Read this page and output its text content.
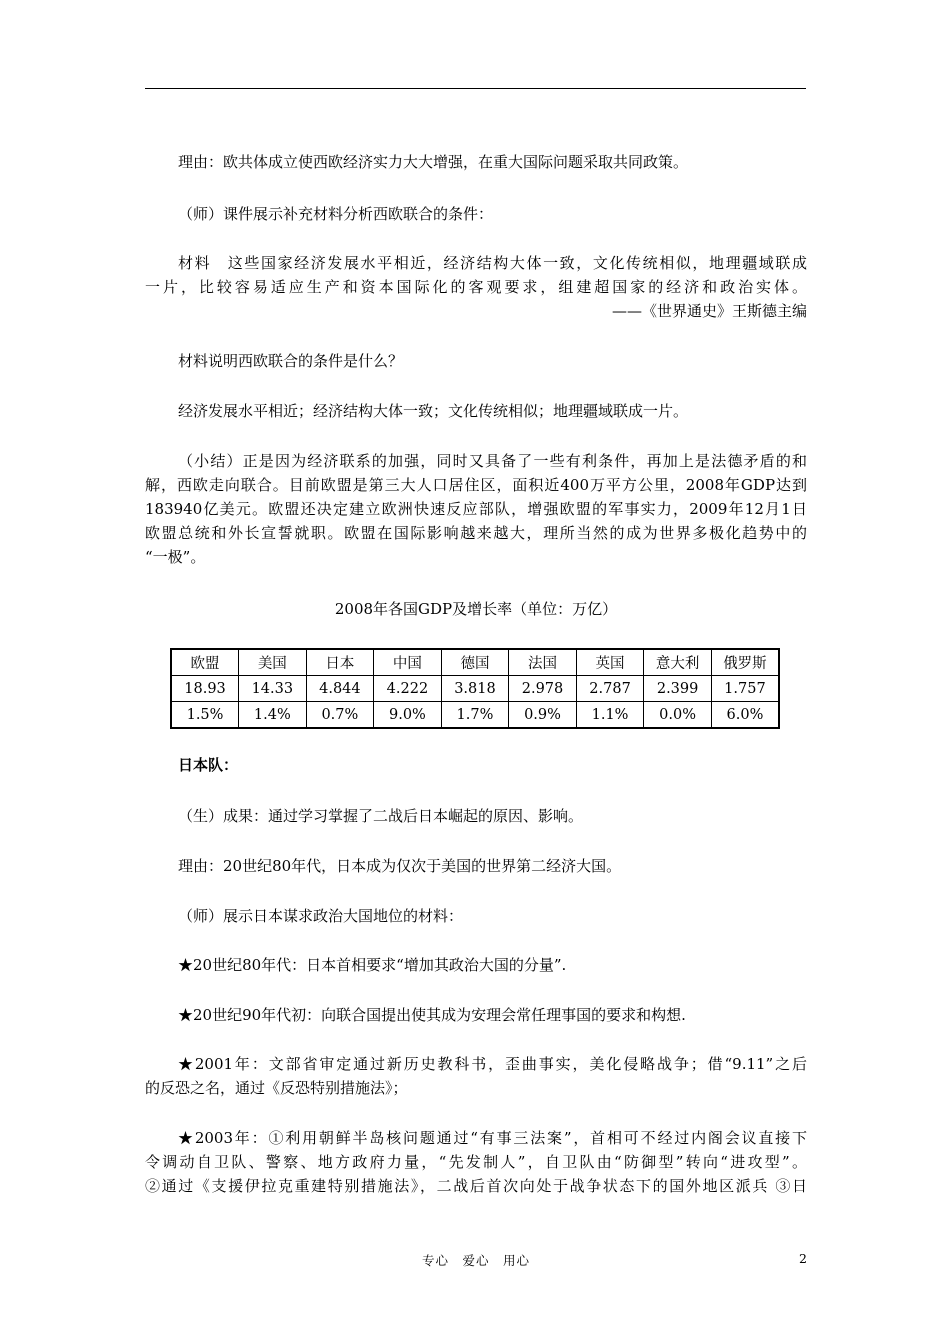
理由：欧共体成立使西欧经济实力大大增强，在重大国际问题采取共同政策。
（师）课件展示补充材料分析西欧联合的条件：
材料　这些国家经济发展水平相近，经济结构大体一致，文化传统相似，地理疆域联成
一片，比较容易适应生产和资本国际化的客观要求，组建超国家的经济和政治实体。
——《世界通史》王斯德主编
材料说明西欧联合的条件是什么？
经济发展水平相近；经济结构大体一致；文化传统相似；地理疆域联成一片。
（小结）正是因为经济联系的加强，同时又具备了一些有利条件，再加上是法德矛盾的和
解，西欧走向联合。目前欧盟是第三大人口居住区，面积近400万平方公里，2008年GDP达到
183940亿美元。欧盟还决定建立欧洲快速反应部队，增强欧盟的军事实力，2009年12月1日
欧盟总统和外长宣誓就职。欧盟在国际影响越来越大，理所当然的成为世界多极化趋势中的
“一极”。
2008年各国GDP及增长率（单位：万亿）
欧盟	美国	日本	中国	德国	法国	英国	意大利	俄罗斯
18.93	14.33	4.844	4.222	3.818	2.978	2.787	2.399	1.757
1.5%	1.4%	0.7%	9.0%	1.7%	0.9%	1.1%	0.0%	6.0%
日本队：
（生）成果：通过学习掌握了二战后日本崛起的原因、影响。
理由：20世纪80年代，日本成为仅次于美国的世界第二经济大国。
（师）展示日本谋求政治大国地位的材料：
★20世纪80年代：日本首相要求“增加其政治大国的分量”.
★20世纪90年代初：向联合国提出使其成为安理会常任理事国的要求和构想.
★2001年：文部省审定通过新历史教科书，歪曲事实，美化侵略战争；借“9.11”之后
的反恐之名，通过《反恐特别措施法》；
★2003年：①利用朝鲜半岛核问题通过“有事三法案”，首相可不经过内阁会议直接下
令调动自卫队、警察、地方政府力量，“先发制人”，自卫队由“防御型”转向“进攻型”。
②通过《支援伊拉克重建特别措施法》，二战后首次向处于战争状态下的国外地区派兵 ③日
专心　爱心　用心	2
